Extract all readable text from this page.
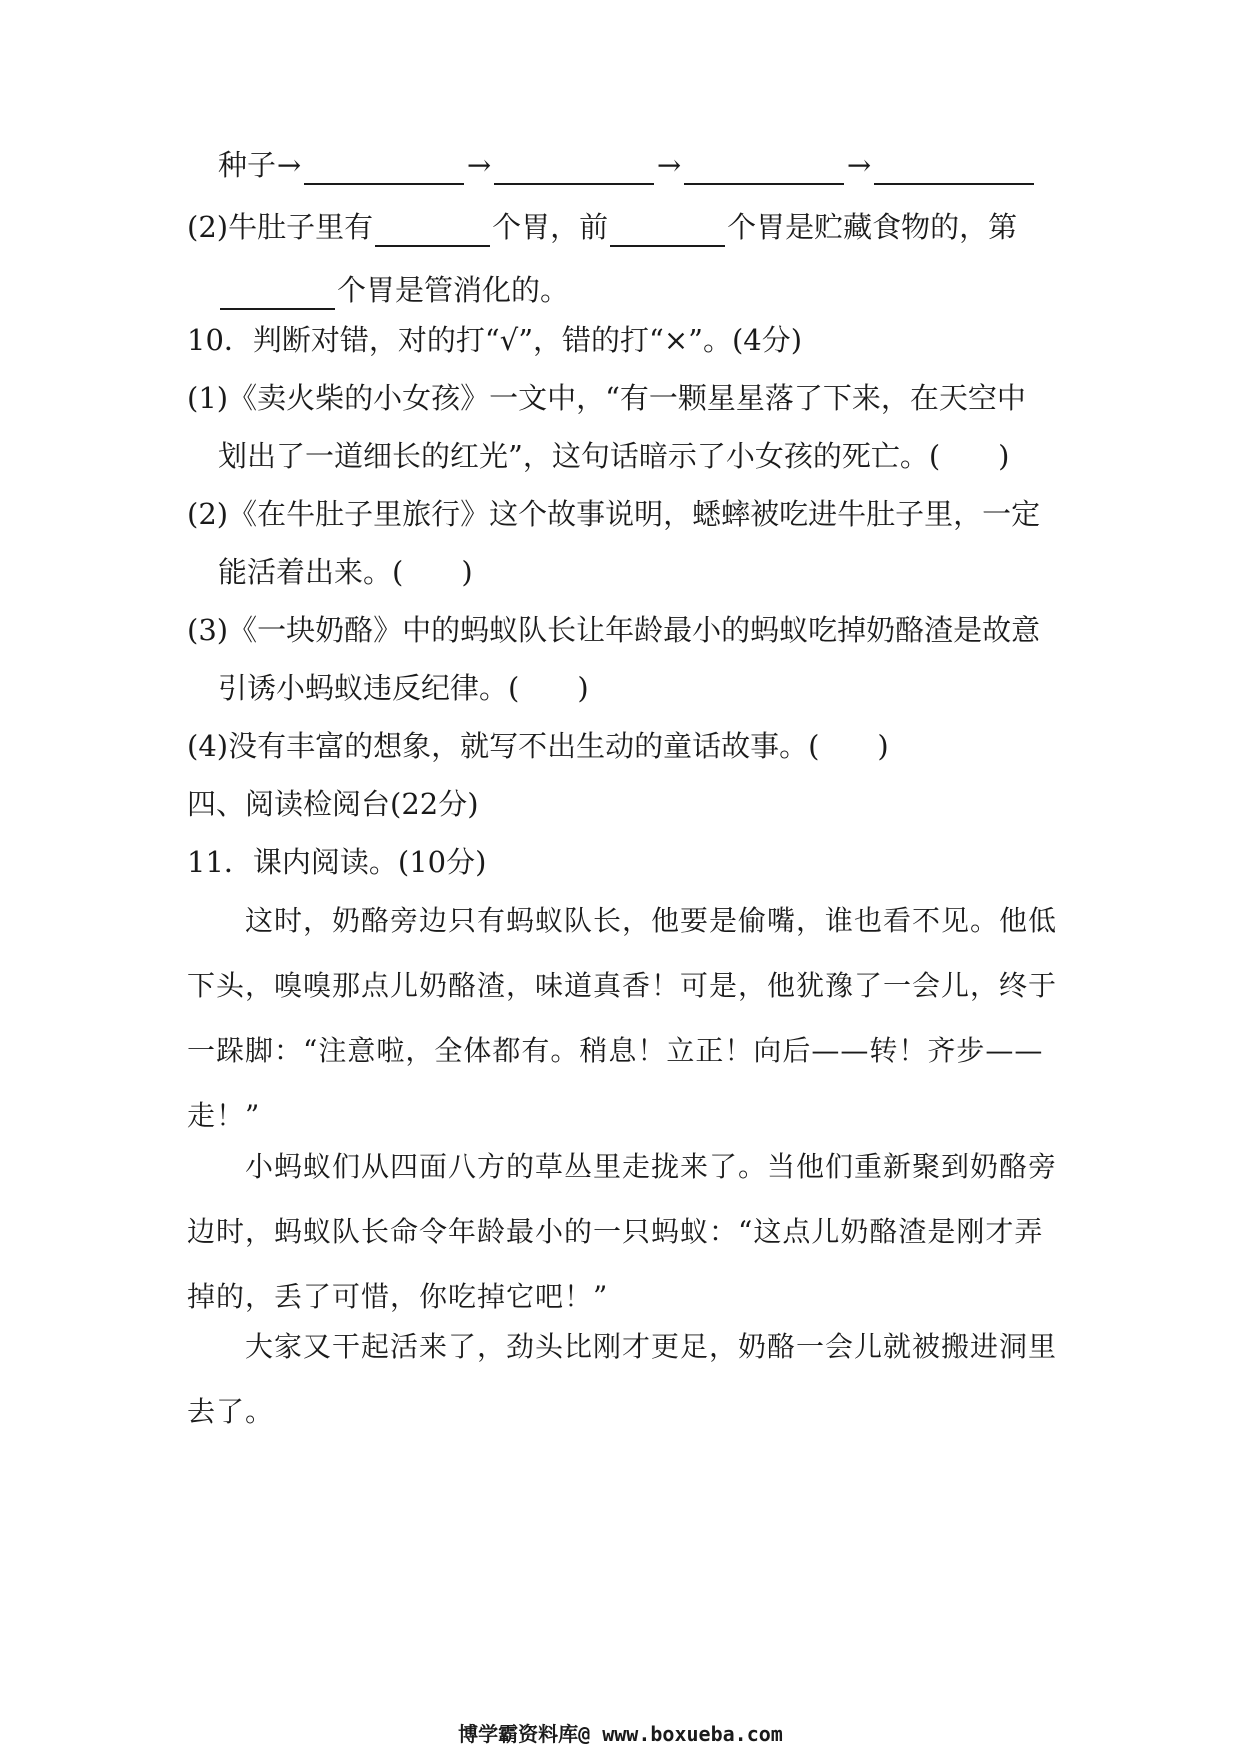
种子→	→	→	→
(2)牛肚子里有	个胃，前	个胃是贮藏食物的，第
个胃是管消化的。
10．判断对错，对的打“√”，错的打“×”。(4分)
(1)《卖火柴的小女孩》一文中，“有一颗星星落了下来，在天空中
划出了一道细长的红光”，这句话暗示了小女孩的死亡。(　　)
(2)《在牛肚子里旅行》这个故事说明，蟋蟀被吃进牛肚子里，一定
能活着出来。(　　)
(3)《一块奶酪》中的蚂蚁队长让年龄最小的蚂蚁吃掉奶酪渣是故意
引诱小蚂蚁违反纪律。(　　)
(4)没有丰富的想象，就写不出生动的童话故事。(　　)
四、阅读检阅台(22分)
11．课内阅读。(10分)
这时，奶酪旁边只有蚂蚁队长，他要是偷嘴，谁也看不见。他低下头，嗅嗅那点儿奶酪渣，味道真香！可是，他犹豫了一会儿，终于一跺脚：“注意啦，全体都有。稍息！立正！向后——转！齐步——走！”
小蚂蚁们从四面八方的草丛里走拢来了。当他们重新聚到奶酪旁边时，蚂蚁队长命令年龄最小的一只蚂蚁：“这点儿奶酪渣是刚才弄掉的，丢了可惜，你吃掉它吧！”
大家又干起活来了，劲头比刚才更足，奶酪一会儿就被搬进洞里去了。
博学霸资料库@ www.boxueba.com
